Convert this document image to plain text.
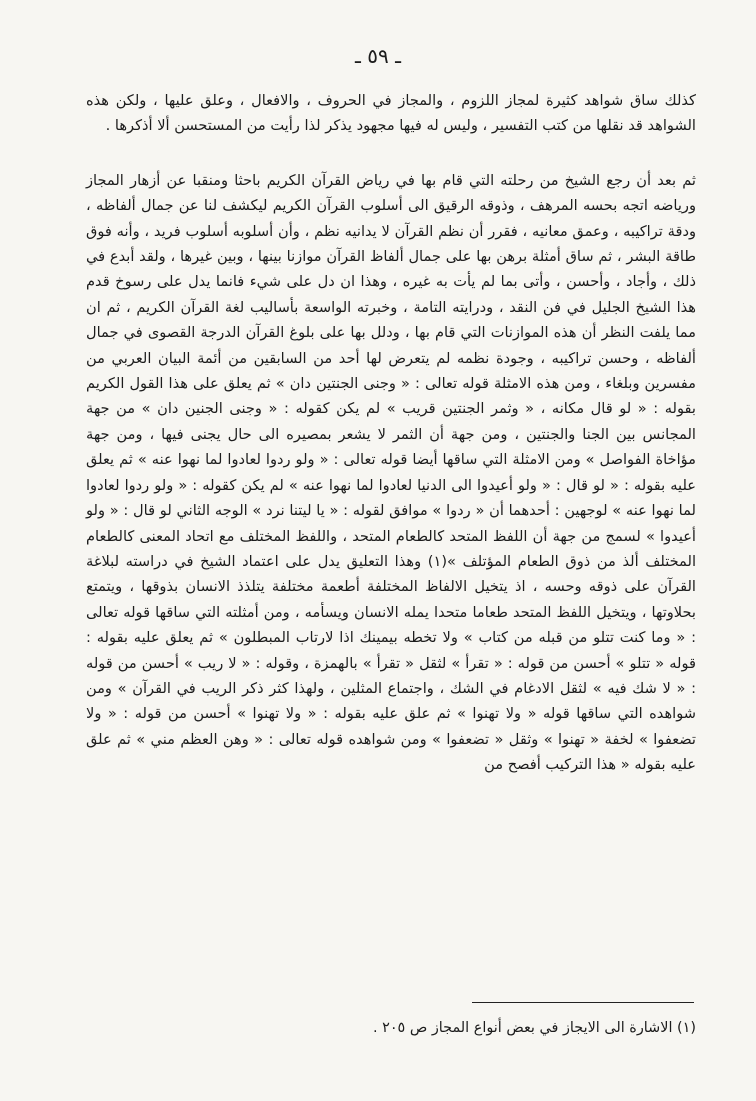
ـ ٥٩ ـ

كذلك ساق شواهد كثيرة لمجاز اللزوم ، والمجاز في الحروف ، والافعال ، وعلق عليها ، ولكن هذه الشواهد قد نقلها من كتب التفسير ، وليس له فيها مجهود يذكر لذا رأيت من المستحسن ألا أذكرها .

ثم بعد أن رجع الشيخ من رحلته التي قام بها في رياض القرآن الكريم باحثا ومنقبا عن أزهار المجاز ورياضه اتجه بحسه المرهف ، وذوقه الرقيق الى أسلوب القرآن الكريم ليكشف لنا عن جمال ألفاظه ، ودقة تراكيبه ، وعمق معانيه ، فقرر أن نظم القرآن لا يدانيه نظم ، وأن أسلوبه أسلوب فريد ، وأنه فوق طاقة البشر ، ثم ساق أمثلة برهن بها على جمال ألفاظ القرآن موازنا بينها ، وبين غيرها ، ولقد أبدع في ذلك ، وأجاد ، وأحسن ، وأتى بما لم يأت به غيره ، وهذا ان دل على شيء فانما يدل على رسوخ قدم هذا الشيخ الجليل في فن النقد ، ودرايته التامة ، وخبرته الواسعة بأساليب لغة القرآن الكريم ، ثم ان مما يلفت النظر أن هذه الموازنات التي قام بها ، ودلل بها على بلوغ القرآن الدرجة القصوى في جمال ألفاظه ، وحسن تراكيبه ، وجودة نظمه لم يتعرض لها أحد من السابقين من أئمة البيان العربي من مفسرين وبلغاء ، ومن هذه الامثلة قوله تعالى : « وجنى الجنتين دان » ثم يعلق على هذا القول الكريم بقوله : « لو قال مكانه ، « وثمر الجنتين قريب » لم يكن كقوله : « وجنى الجنين دان » من جهة المجانس بين الجنا والجنتين ، ومن جهة أن الثمر لا يشعر بمصيره الى حال يجنى فيها ، ومن جهة مؤاخاة الفواصل » ومن الامثلة التي ساقها أيضا قوله تعالى : « ولو ردوا لعادوا لما نهوا عنه » ثم يعلق عليه بقوله : « لو قال : « ولو أعيدوا الى الدنيا لعادوا لما نهوا عنه » لم يكن كقوله : « ولو ردوا لعادوا لما نهوا عنه » لوجهين : أحدهما أن « ردوا » موافق لقوله : « يا ليتنا نرد » الوجه الثاني لو قال : « ولو أعيدوا » لسمج من جهة أن اللفظ المتحد كالطعام المتحد ، واللفظ المختلف مع اتحاد المعنى كالطعام المختلف ألذ من ذوق الطعام المؤتلف »(١) وهذا التعليق يدل على اعتماد الشيخ في دراسته لبلاغة القرآن على ذوقه وحسه ، اذ يتخيل الالفاظ المختلفة أطعمة مختلفة يتلذذ الانسان بذوقها ، ويتمتع بحلاوتها ، ويتخيل اللفظ المتحد طعاما متحدا يمله الانسان ويسأمه ، ومن أمثلته التي ساقها قوله تعالى : « وما كنت تتلو من قبله من كتاب » ولا تخطه بيمينك اذا لارتاب المبطلون » ثم يعلق عليه بقوله : قوله « تتلو » أحسن من قوله : « تقرأ » لثقل « تقرأ » بالهمزة ، وقوله : « لا ريب » أحسن من قوله : « لا شك فيه » لثقل الادغام في الشك ، واجتماع المثلين ، ولهذا كثر ذكر الريب في القرآن » ومن شواهده التي ساقها قوله « ولا تهنوا » ثم علق عليه بقوله : « ولا تهنوا » أحسن من قوله : « ولا تضعفوا » لخفة « تهنوا » وثقل « تضعفوا » ومن شواهده قوله تعالى : « وهن العظم مني » ثم علق عليه بقوله « هذا التركيب أفصح من

(١) الاشارة الى الايجاز في بعض أنواع المجاز ص ٢٠٥ .
